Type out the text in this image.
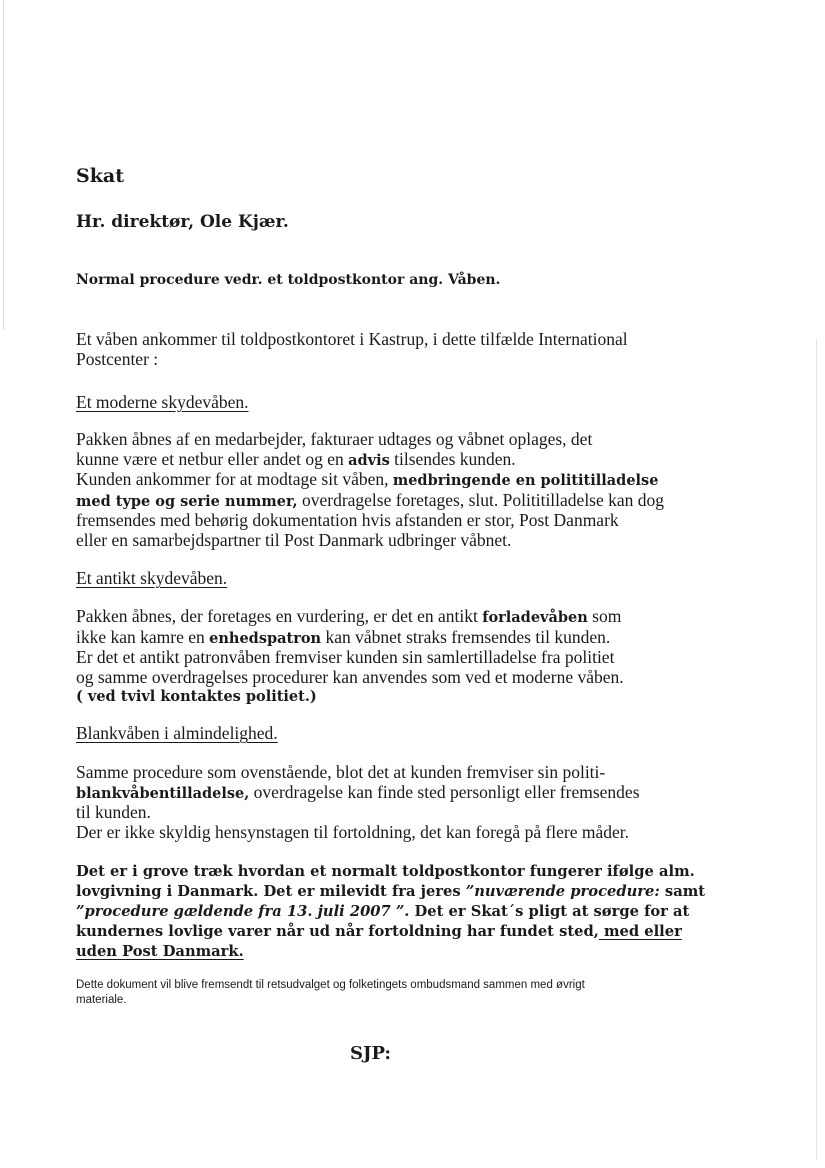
Skat
Hr. direktør, Ole Kjær.
Normal procedure vedr. et toldpostkontor ang. Våben.
Et våben ankommer til toldpostkontoret i Kastrup, i dette tilfælde International
Postcenter :
Et moderne skydevåben.
Pakken åbnes af en medarbejder, fakturaer udtages og våbnet oplages, det
kunne være et netbur eller andet og en advis tilsendes kunden.
Kunden ankommer for at modtage sit våben, medbringende en polititilladelse
med type og serie nummer, overdragelse foretages, slut. Polititilladelse kan dog
fremsendes med behørig dokumentation hvis afstanden er stor, Post Danmark
eller en samarbejdspartner til Post Danmark udbringer våbnet.
Et antikt skydevåben.
Pakken åbnes, der foretages en vurdering, er det en antikt forladevåben som
ikke kan kamre en enhedspatron kan våbnet straks fremsendes til kunden.
Er det et antikt patronvåben fremviser kunden sin samlertilladelse fra politiet
og samme overdragelses procedurer kan anvendes som ved et moderne våben.
( ved tvivl kontaktes politiet.)
Blankvåben i almindelighed.
Samme procedure som ovenstående, blot det at kunden fremviser sin politi-
blankvåbentilladelse, overdragelse kan finde sted personligt eller fremsendes
til kunden.
Der er ikke skyldig hensynstagen til fortoldning, det kan foregå på flere måder.
Det er i grove træk hvordan et normalt toldpostkontor fungerer ifølge alm.
lovgivning i Danmark. Det er milevidt fra jeres ”nuværende procedure: samt
”procedure gældende fra 13. juli 2007 ”. Det er Skat´s pligt at sørge for at
kundernes lovlige varer når ud når fortoldning har fundet sted, med eller
uden Post Danmark.
Dette dokument vil blive fremsendt til retsudvalget og folketingets ombudsmand sammen med øvrigt
materiale.
SJP:
